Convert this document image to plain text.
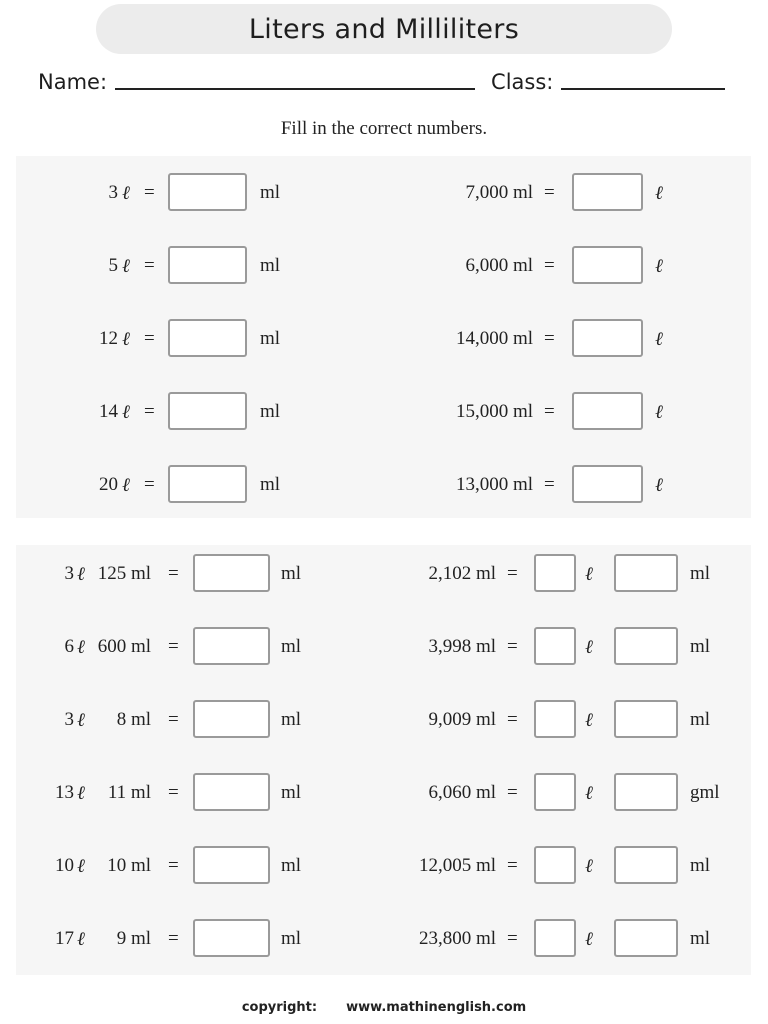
Liters and Milliliters
Name:	Class:
Fill in the correct numbers.
3 ℓ =	ml	7,000 ml =	ℓ
5 ℓ =	ml	6,000 ml =	ℓ
12 ℓ =	ml	14,000 ml =	ℓ
14 ℓ =	ml	15,000 ml =	ℓ
20 ℓ =	ml	13,000 ml =	ℓ
3 ℓ 125 ml =	ml	2,102 ml =	ℓ	ml
6 ℓ 600 ml =	ml	3,998 ml =	ℓ	ml
3 ℓ	8 ml =	ml	9,009 ml =	ℓ	ml
13 ℓ	11 ml =	ml	6,060 ml =	ℓ	gml
10 ℓ	10 ml =	ml	12,005 ml =	ℓ	ml
17 ℓ	9 ml =	ml	23,800 ml =	ℓ	ml
copyright: www.mathinenglish.com
